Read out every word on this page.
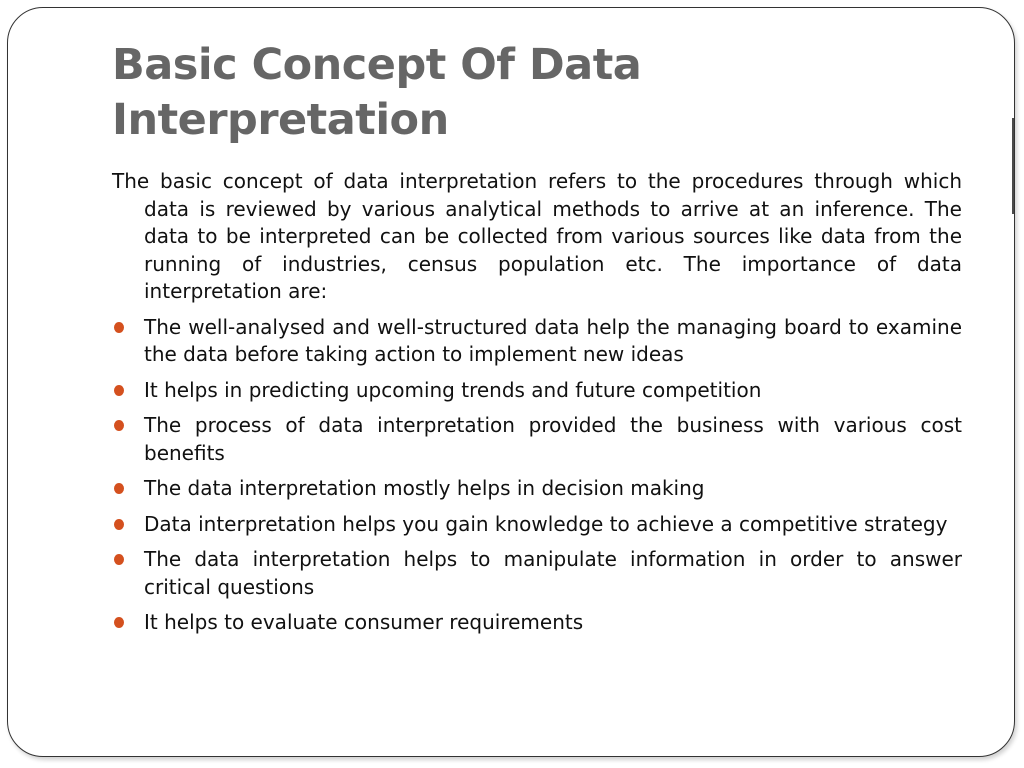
Basic Concept Of Data Interpretation

The basic concept of data interpretation refers to the procedures through which data is reviewed by various analytical methods to arrive at an inference. The data to be interpreted can be collected from various sources like data from the running of industries, census population etc. The importance of data interpretation are:

The well-analysed and well-structured data help the managing board to examine the data before taking action to implement new ideas
It helps in predicting upcoming trends and future competition
The process of data interpretation provided the business with various cost benefits
The data interpretation mostly helps in decision making
Data interpretation helps you gain knowledge to achieve a competitive strategy
The data interpretation helps to manipulate information in order to answer critical questions
It helps to evaluate consumer requirements
